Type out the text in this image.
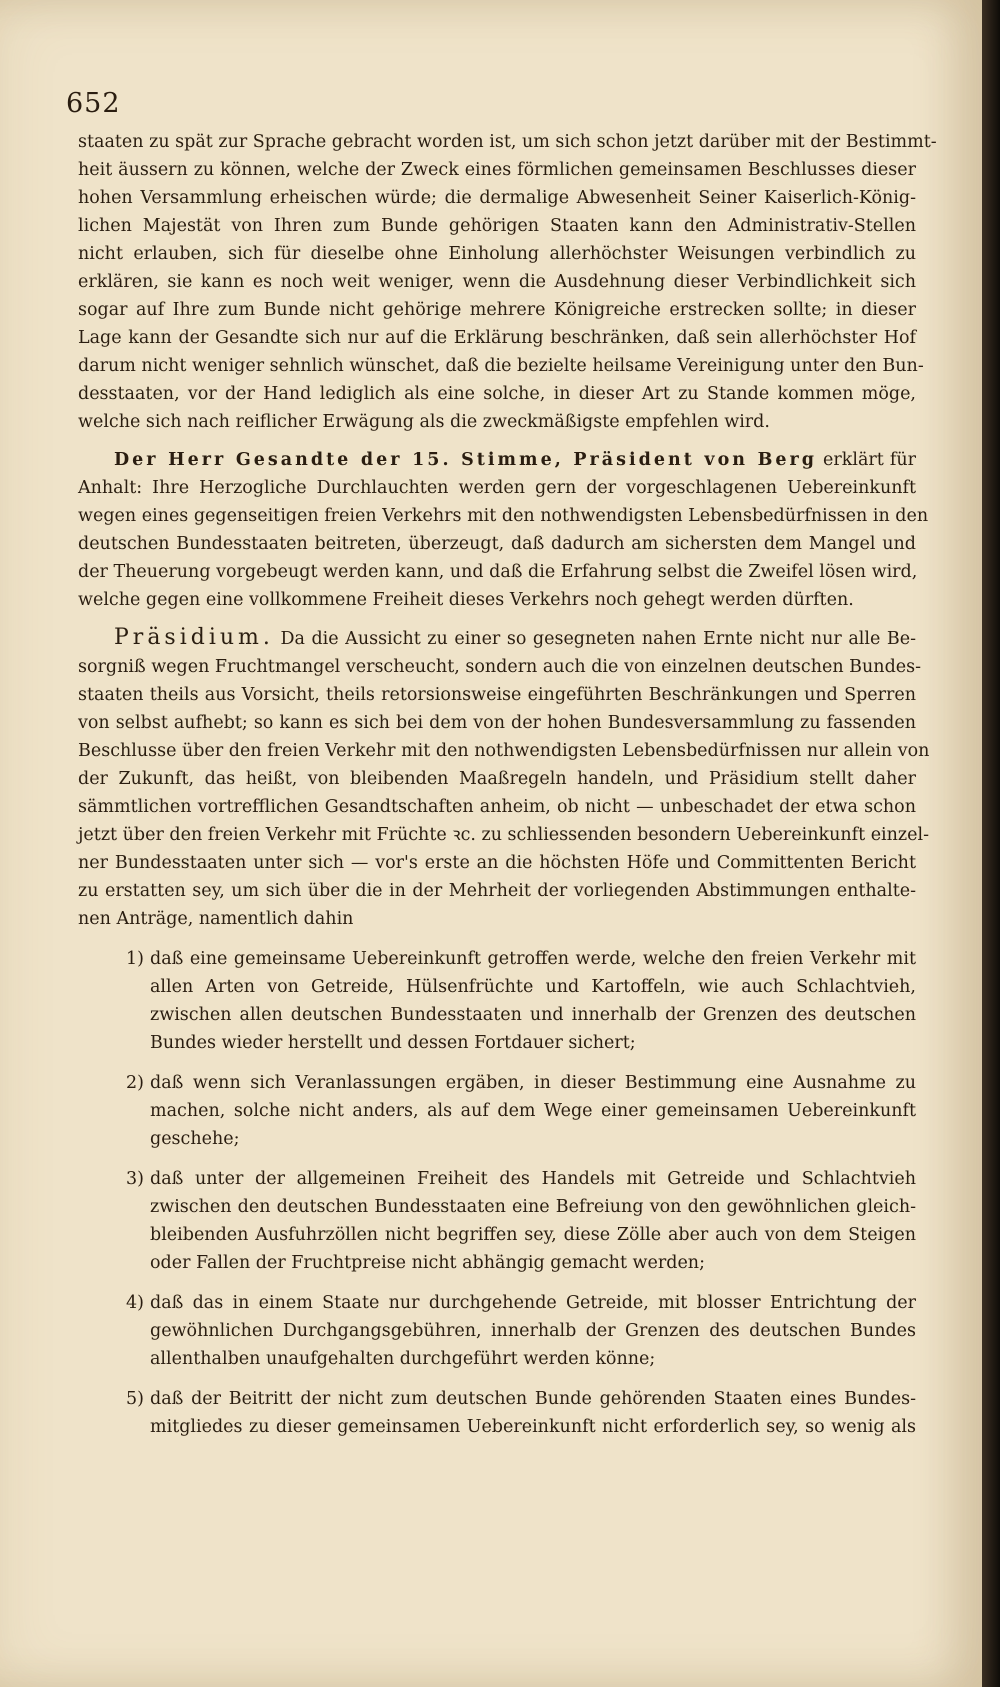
652
staaten zu spät zur Sprache gebracht worden ist, um sich schon jetzt darüber mit der Bestimmt-
heit äussern zu können, welche der Zweck eines förmlichen gemeinsamen Beschlusses dieser
hohen Versammlung erheischen würde; die dermalige Abwesenheit Seiner Kaiserlich-König-
lichen Majestät von Ihren zum Bunde gehörigen Staaten kann den Administrativ-Stellen
nicht erlauben, sich für dieselbe ohne Einholung allerhöchster Weisungen verbindlich zu
erklären, sie kann es noch weit weniger, wenn die Ausdehnung dieser Verbindlichkeit sich
sogar auf Ihre zum Bunde nicht gehörige mehrere Königreiche erstrecken sollte; in dieser
Lage kann der Gesandte sich nur auf die Erklärung beschränken, daß sein allerhöchster Hof
darum nicht weniger sehnlich wünschet, daß die bezielte heilsame Vereinigung unter den Bun-
desstaaten, vor der Hand lediglich als eine solche, in dieser Art zu Stande kommen möge,
welche sich nach reiflicher Erwägung als die zweckmäßigste empfehlen wird.
Der Herr Gesandte der 15. Stimme, Präsident von Berg erklärt für
Anhalt: Ihre Herzogliche Durchlauchten werden gern der vorgeschlagenen Uebereinkunft
wegen eines gegenseitigen freien Verkehrs mit den nothwendigsten Lebensbedürfnissen in den
deutschen Bundesstaaten beitreten, überzeugt, daß dadurch am sichersten dem Mangel und
der Theuerung vorgebeugt werden kann, und daß die Erfahrung selbst die Zweifel lösen wird,
welche gegen eine vollkommene Freiheit dieses Verkehrs noch gehegt werden dürften.
Präsidium. Da die Aussicht zu einer so gesegneten nahen Ernte nicht nur alle Be-
sorgniß wegen Fruchtmangel verscheucht, sondern auch die von einzelnen deutschen Bundes-
staaten theils aus Vorsicht, theils retorsionsweise eingeführten Beschränkungen und Sperren
von selbst aufhebt; so kann es sich bei dem von der hohen Bundesversammlung zu fassenden
Beschlusse über den freien Verkehr mit den nothwendigsten Lebensbedürfnissen nur allein von
der Zukunft, das heißt, von bleibenden Maaßregeln handeln, und Präsidium stellt daher
sämmtlichen vortrefflichen Gesandtschaften anheim, ob nicht — unbeschadet der etwa schon
jetzt über den freien Verkehr mit Früchte ꝛc. zu schliessenden besondern Uebereinkunft einzel-
ner Bundesstaaten unter sich — vor's erste an die höchsten Höfe und Committenten Bericht
zu erstatten sey, um sich über die in der Mehrheit der vorliegenden Abstimmungen enthalte-
nen Anträge, namentlich dahin
1) daß eine gemeinsame Uebereinkunft getroffen werde, welche den freien Verkehr mit
allen Arten von Getreide, Hülsenfrüchte und Kartoffeln, wie auch Schlachtvieh,
zwischen allen deutschen Bundesstaaten und innerhalb der Grenzen des deutschen
Bundes wieder herstellt und dessen Fortdauer sichert;
2) daß wenn sich Veranlassungen ergäben, in dieser Bestimmung eine Ausnahme zu
machen, solche nicht anders, als auf dem Wege einer gemeinsamen Uebereinkunft
geschehe;
3) daß unter der allgemeinen Freiheit des Handels mit Getreide und Schlachtvieh
zwischen den deutschen Bundesstaaten eine Befreiung von den gewöhnlichen gleich-
bleibenden Ausfuhrzöllen nicht begriffen sey, diese Zölle aber auch von dem Steigen
oder Fallen der Fruchtpreise nicht abhängig gemacht werden;
4) daß das in einem Staate nur durchgehende Getreide, mit blosser Entrichtung der
gewöhnlichen Durchgangsgebühren, innerhalb der Grenzen des deutschen Bundes
allenthalben unaufgehalten durchgeführt werden könne;
5) daß der Beitritt der nicht zum deutschen Bunde gehörenden Staaten eines Bundes-
mitgliedes zu dieser gemeinsamen Uebereinkunft nicht erforderlich sey, so wenig als
